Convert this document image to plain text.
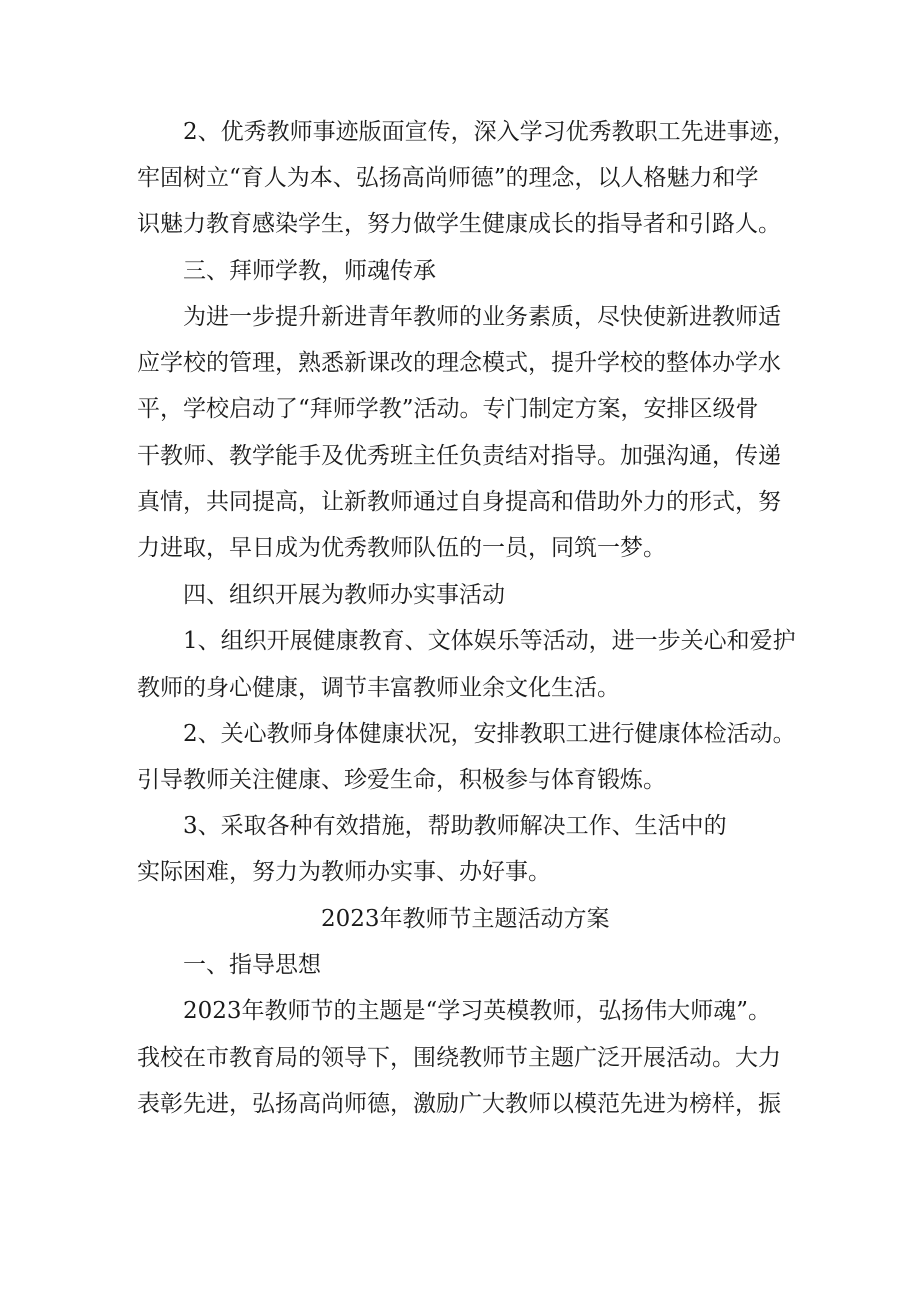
2、优秀教师事迹版面宣传，深入学习优秀教职工先进事迹，
牢固树立“育人为本、弘扬高尚师德”的理念，以人格魅力和学
识魅力教育感染学生，努力做学生健康成长的指导者和引路人。
三、拜师学教，师魂传承
为进一步提升新进青年教师的业务素质，尽快使新进教师适
应学校的管理，熟悉新课改的理念模式，提升学校的整体办学水
平，学校启动了“拜师学教”活动。专门制定方案，安排区级骨
干教师、教学能手及优秀班主任负责结对指导。加强沟通，传递
真情，共同提高，让新教师通过自身提高和借助外力的形式，努
力进取，早日成为优秀教师队伍的一员，同筑一梦。
四、组织开展为教师办实事活动
1、组织开展健康教育、文体娱乐等活动，进一步关心和爱护
教师的身心健康，调节丰富教师业余文化生活。
2、关心教师身体健康状况，安排教职工进行健康体检活动。
引导教师关注健康、珍爱生命，积极参与体育锻炼。
3、采取各种有效措施，帮助教师解决工作、生活中的
实际困难，努力为教师办实事、办好事。
2023年教师节主题活动方案
一、指导思想
2023年教师节的主题是“学习英模教师，弘扬伟大师魂”。
我校在市教育局的领导下，围绕教师节主题广泛开展活动。大力
表彰先进，弘扬高尚师德，激励广大教师以模范先进为榜样，振
